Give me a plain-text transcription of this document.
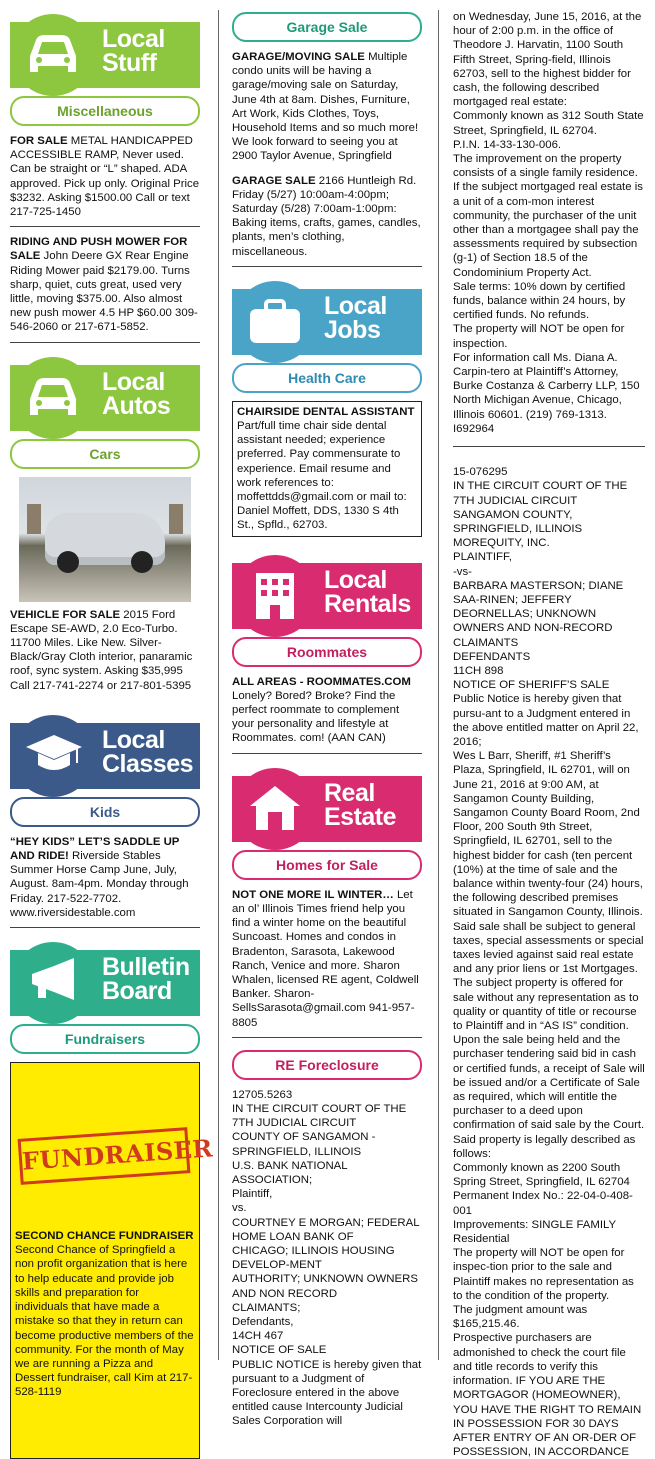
Local
Stuff
Miscellaneous
FOR SALE METAL HANDICAPPED ACCESSIBLE RAMP, Never used. Can be straight or “L” shaped. ADA approved. Pick up only. Original Price $3232. Asking $1500.00 Call or text 217-725-1450
RIDING AND PUSH MOWER FOR SALE John Deere GX Rear Engine Riding Mower paid $2179.00. Turns sharp, quiet, cuts great, used very little, moving $375.00. Also almost new push mower 4.5 HP $60.00 309-546-2060 or 217-671-5852.
Local
Autos
Cars
VEHICLE FOR SALE 2015 Ford Escape SE-AWD, 2.0 Eco-Turbo. 11700 Miles. Like New. Silver-Black/Gray Cloth interior, panaramic roof, sync system. Asking $35,995 Call 217-741-2274 or 217-801-5395
Local
Classes
Kids
“HEY KIDS” LET’S SADDLE UP AND RIDE! Riverside Stables Summer Horse Camp June, July, August. 8am-4pm. Monday through Friday. 217-522-7702. www.riversidestable.com
Bulletin
Board
Fundraisers
FUNDRAISER
SECOND CHANCE FUNDRAISER
Second Chance of Springfield a non profit organization that is here to help educate and provide job skills and preparation for individuals that have made a mistake so that they in return can become productive members of the community. For the month of May we are running a Pizza and Dessert fundraiser, call Kim at 217-528-1119
Garage Sale
GARAGE/MOVING SALE Multiple condo units will be having a garage/moving sale on Saturday, June 4th at 8am. Dishes, Furniture, Art Work, Kids Clothes, Toys, Household Items and so much more! We look forward to seeing you at 2900 Taylor Avenue, Springfield
GARAGE SALE 2166 Huntleigh Rd. Friday (5/27) 10:00am-4:00pm; Saturday (5/28) 7:00am-1:00pm: Baking items, crafts, games, candles, plants, men’s clothing, miscellaneous.
Local
Jobs
Health Care
CHAIRSIDE DENTAL ASSISTANT
Part/full time chair side dental assistant needed; experience preferred. Pay commensurate to experience. Email resume and work references to: moffettdds@gmail.com or mail to: Daniel Moffett, DDS, 1330 S 4th St., Spfld., 62703.
Local
Rentals
Roommates
ALL AREAS - ROOMMATES.COM
Lonely? Bored? Broke? Find the perfect roommate to complement your personality and lifestyle at Roommates. com! (AAN CAN)
Real
Estate
Homes for Sale
NOT ONE MORE IL WINTER… Let an ol’ Illinois Times friend help you find a winter home on the beautiful Suncoast. Homes and condos in Bradenton, Sarasota, Lakewood Ranch, Venice and more. Sharon Whalen, licensed RE agent, Coldwell Banker. Sharon-SellsSarasota@gmail.com 941-957-8805
RE Foreclosure
12705.5263
IN THE CIRCUIT COURT OF THE 7TH JUDICIAL CIRCUIT
COUNTY OF SANGAMON - SPRINGFIELD, ILLINOIS
U.S. BANK NATIONAL ASSOCIATION;
Plaintiff,
vs.
COURTNEY E MORGAN; FEDERAL HOME LOAN BANK OF
CHICAGO; ILLINOIS HOUSING DEVELOP-MENT
AUTHORITY; UNKNOWN OWNERS AND NON RECORD
CLAIMANTS;
Defendants,
14CH 467
NOTICE OF SALE
PUBLIC NOTICE is hereby given that pursuant to a Judgment of Foreclosure entered in the above entitled cause Intercounty Judicial Sales Corporation will
on Wednesday, June 15, 2016, at the hour of 2:00 p.m. in the office of Theodore J. Harvatin, 1100 South Fifth Street, Spring-field, Illinois 62703, sell to the highest bidder for cash, the following described mortgaged real estate:
Commonly known as 312 South State Street, Springfield, IL 62704.
P.I.N. 14-33-130-006.
The improvement on the property consists of a single family residence. If the subject mortgaged real estate is a unit of a com-mon interest community, the purchaser of the unit other than a mortgagee shall pay the assessments required by subsection (g-1) of Section 18.5 of the Condominium Property Act.
Sale terms: 10% down by certified funds, balance within 24 hours, by certified funds. No refunds.
The property will NOT be open for inspection.
For information call Ms. Diana A. Carpin-tero at Plaintiff’s Attorney, Burke Costanza & Carberry LLP, 150 North Michigan Avenue, Chicago, Illinois 60601. (219) 769-1313.
I692964
15-076295
IN THE CIRCUIT COURT OF THE 7TH JUDICIAL CIRCUIT
SANGAMON COUNTY, SPRINGFIELD, ILLINOIS
MOREQUITY, INC.
PLAINTIFF,
-vs-
BARBARA MASTERSON; DIANE SAA-RINEN; JEFFERY DEORNELLAS; UNKNOWN OWNERS AND NON-RECORD CLAIMANTS
DEFENDANTS
11CH 898
NOTICE OF SHERIFF’S SALE
Public Notice is hereby given that pursu-ant to a Judgment entered in the above entitled matter on April 22, 2016;
Wes L Barr, Sheriff, #1 Sheriff’s Plaza, Springfield, IL 62701, will on June 21, 2016 at 9:00 AM, at Sangamon County Building, Sangamon County Board Room, 2nd Floor, 200 South 9th Street, Springfield, IL 62701, sell to the highest bidder for cash (ten percent (10%) at the time of sale and the balance within twenty-four (24) hours, the following described premises situated in Sangamon County, Illinois.
Said sale shall be subject to general taxes, special assessments or special taxes levied against said real estate and any prior liens or 1st Mortgages.
The subject property is offered for sale without any representation as to quality or quantity of title or recourse to Plaintiff and in “AS IS” condition.
Upon the sale being held and the purchaser tendering said bid in cash or certified funds, a receipt of Sale will be issued and/or a Certificate of Sale as required, which will entitle the purchaser to a deed upon confirmation of said sale by the Court.
Said property is legally described as follows:
Commonly known as 2200 South Spring Street, Springfield, IL 62704
Permanent Index No.: 22-04-0-408-001
Improvements: SINGLE FAMILY Residential
The property will NOT be open for inspec-tion prior to the sale and Plaintiff makes no representation as to the condition of the property.
The judgment amount was $165,215.46.
Prospective purchasers are admonished to check the court file and title records to verify this information. IF YOU ARE THE MORTGAGOR (HOMEOWNER), YOU HAVE THE RIGHT TO REMAIN IN POSSESSION FOR 30 DAYS AFTER ENTRY OF AN OR-DER OF POSSESSION, IN ACCORDANCE
